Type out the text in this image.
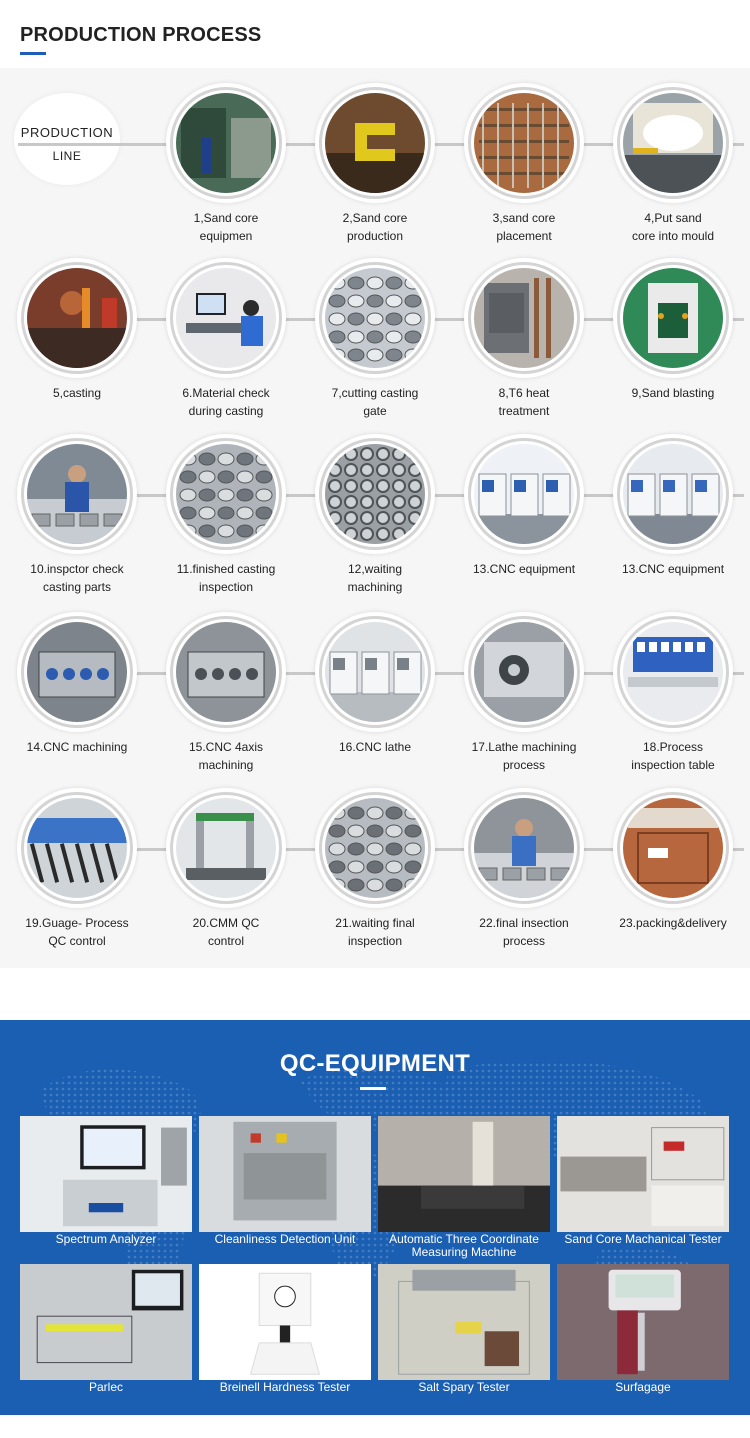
PRODUCTION PROCESS
PRODUCTION
LINE
1,Sand core
equipmen
2,Sand core
production
3,sand core
placement
4,Put sand
core into mould
5,casting	6.Material check
during casting
7,cutting casting
gate
8,T6 heat
treatment
9,Sand blasting
10.inspctor check
casting parts
11.finished casting
inspection
12,waiting
machining
13.CNC equipment	13.CNC equipment
14.CNC machining	15.CNC 4axis
machining
16.CNC lathe	17.Lathe machining
process
18.Process
inspection table
19.Guage- Process
QC control
20.CMM QC
control
21.waiting final
inspection
22.final insection
process
23.packing&delivery
QC-EQUIPMENT
Spectrum Analyzer	Cleanliness Detection Unit	Automatic Three Coordinate
Measuring Machine
Sand Core Machanical Tester
Parlec	Breinell Hardness Tester	Salt Spary Tester	Surfagage
